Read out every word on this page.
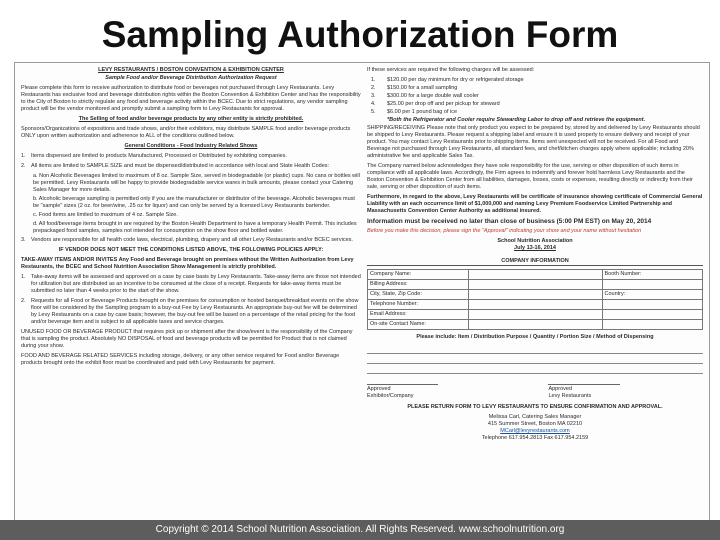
Sampling Authorization Form

LEVY RESTAURANTS / BOSTON CONVENTION & EXHIBITION CENTER

Sample Food and/or Beverage Distribution Authorization Request

Please complete this form to receive authorization to distribute food or beverages not purchased through Levy Restaurants. Levy Restaurants has exclusive food and beverage distribution rights within the Boston Convention & Exhibition Center and has the responsibility to the City of Boston to strictly regulate any food and beverage activity within the BCEC. Due to strict regulations, any vendor sampling product will be the vendor monitored and promptly submit a sampling form to Levy Restaurants for approval.

The Selling of food and/or beverage products by any other entity is strictly prohibited.

Sponsors/Organizations of expositions and trade shows, and/or their exhibitors, may distribute SAMPLE food and/or beverage products ONLY upon written authorization and adherence to ALL of the conditions outlined below.

General Conditions - Food Industry Related Shows

1. Items dispensed are limited to products Manufactured, Processed or Distributed by exhibiting companies.
2. All items are limited to SAMPLE SIZE and must be dispensed/distributed in accordance with local and State Health Codes:
a. Non Alcoholic Beverages limited to maximum of 8 oz. Sample Size, served in biodegradable (or plastic) cups. No cans or bottles will be permitted. Levy Restaurants will be happy to provide biodegradable service wares in bulk amounts, please contact your Catering Sales Manager for more details.
b. Alcoholic beverage sampling is permitted only if you are the manufacturer or distributor of the beverage. Alcoholic beverages must be "sample" sizes (2 oz. for beer/wine, .25 oz for liquor) and can only be served by a licensed Levy Restaurants bartender.
c. Food items are limited to maximum of 4 oz. Sample Size.
d. All food/beverage items brought in are required by the Boston Health Department to have a temporary Health Permit. This includes prepackaged food samples, samples not intended for consumption on the show floor and bottled water.
3. Vendors are responsible for all health code laws, electrical, plumbing, drapery and all other Levy Restaurants and/or BCEC services.

IF VENDOR DOES NOT MEET THE CONDITIONS LISTED ABOVE, THE FOLLOWING POLICIES APPLY:

TAKE-AWAY ITEMS AND/OR INVITES Any Food and Beverage brought on premises without the Written Authorization from Levy Restaurants, the BCEC and School Nutrition Association Show Management is strictly prohibited.

1. Take-away items will be assessed and approved on a case by case basis by Levy Restaurants. Take-away items are those not intended for utilization but are distributed as an incentive to be consumed at the close of a receipt. Requests for take-away items must be submitted no later than 4 weeks prior to the start of the show.
2. Requests for all Food or Beverage Products brought on the premises for consumption or hosted banquet/breakfast events on the show floor will be considered by the Sampling program to a buy-out Fee by Levy Restaurants. An appropriate buy-out fee will be determined by Levy Restaurants on a case by case basis; however, the buy-out fee will be based on a percentage of the retail pricing for the food and/or beverage item and is subject to all applicable taxes and service charges.

UNUSED FOOD OR BEVERAGE PRODUCT that requires pick up or shipment after the show/event is the responsibility of the Company that is sampling the product. Absolutely NO DISPOSAL of food and beverage products will be permitted for Product that is not claimed during your show.

FOOD AND BEVERAGE RELATED SERVICES including storage, delivery, or any other service required for Food and/or Beverage products brought onto the exhibit floor must be coordinated and paid with Levy Restaurants for payment.

If these services are required the following charges will be assessed:

1. $120.00 per day minimum for dry or refrigerated storage
2. $150.00 for a small sampling
3. $300.00 for a large double wall cooler
4. $25.00 per drop off and per pickup for steward
5. $6.00 per 1 pound bag of ice
*Both the Refrigerator and Cooler require Stewarding Labor to drop off and retrieve the equipment.

SHIPPING/RECEIVING Please note that only product you expect to be prepared by, stored by and delivered by Levy Restaurants should be shipped to Levy Restaurants. Please request a shipping label and ensure it is used properly to ensure delivery and receipt of your product. You may contact Levy Restaurants prior to shipping items. Items sent unexpected will not be received. For all Food and Beverage not purchased through Levy Restaurants, all standard fees, and chef/kitchen charges apply where applicable; including 20% administrative fee and applicable Sales Tax.

The Company named below acknowledges they have sole responsibility for the use, serving or other disposition of such items in compliance with all applicable laws. Accordingly, the Firm agrees to indemnify and forever hold harmless Levy Restaurants and the Boston Convention & Exhibition Center from all liabilities, damages, losses, costs or expenses, resulting directly or indirectly from their sale, serving or other disposition of such items.

Furthermore, in regard to the above, Levy Restaurants will be certificate of insurance showing certificate of Commercial General Liability with an each occurrence limit of $1,000,000 and naming Levy Premium Foodservice Limited Partnership and Massachusetts Convention Center Authority as additional insured.

Information must be received no later than close of business (5:00 PM EST) on May 20, 2014

Before you make this decision, please sign the "Approval" indicating your show and your name without hesitation

School Nutrition Association

July 13-16, 2014

COMPANY INFORMATION
Company Name:		Booth Number:
Billing Address:		
City, State, Zip Code:		Country:
Telephone Number:		
Email Address:		
On-site Contact Name:		

Please include: Item / Distribution Purpose / Quantity / Portion Size / Method of Dispensing

Approved
Exhibitor/Company
Approved
Levy Restaurants

PLEASE RETURN FORM TO LEVY RESTAURANTS TO ENSURE CONFIRMATION AND APPROVAL.

Melissa Carl, Catering Sales Manager
415 Summer Street, Boston MA 02210
MCarl@levyrestaurants.com
Telephone 617.954.2813 Fax 617.954.2159
Copyright © 2014 School Nutrition Association. All Rights Reserved. www.schoolnutrition.org
